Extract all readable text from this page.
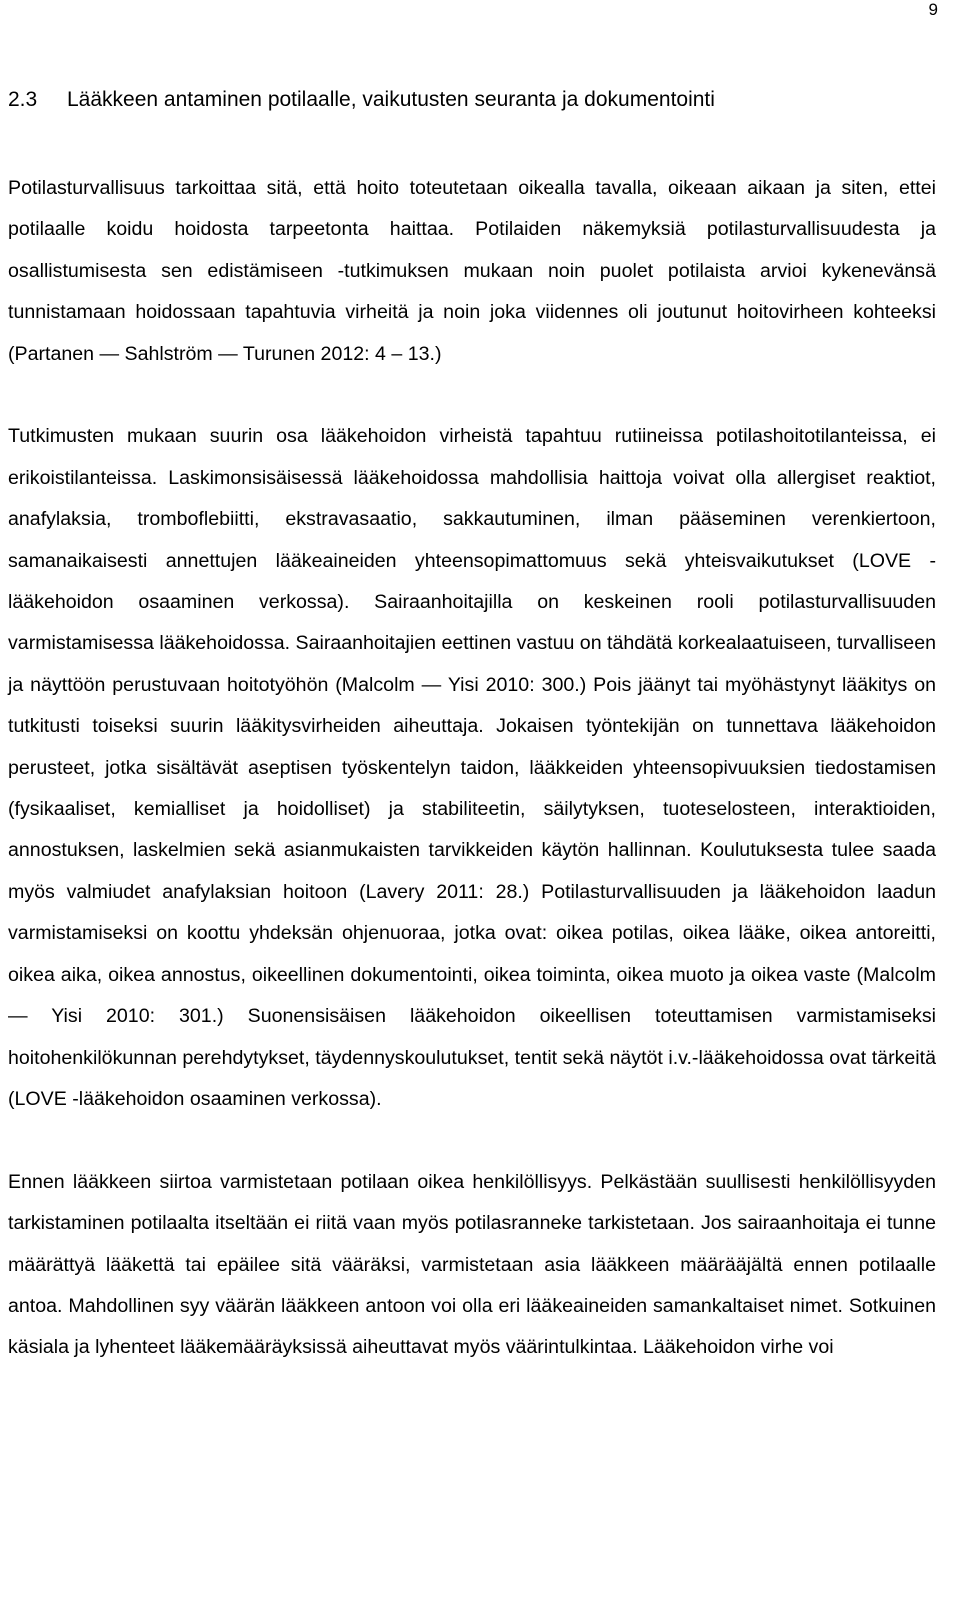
9
2.3 Lääkkeen antaminen potilaalle, vaikutusten seuranta ja dokumentointi

Potilasturvallisuus tarkoittaa sitä, että hoito toteutetaan oikealla tavalla, oikeaan aikaan ja siten, ettei potilaalle koidu hoidosta tarpeetonta haittaa. Potilaiden näkemyksiä potilasturvallisuudesta ja osallistumisesta sen edistämiseen -tutkimuksen mukaan noin puolet potilaista arvioi kykenevänsä tunnistamaan hoidossaan tapahtuvia virheitä ja noin joka viidennes oli joutunut hoitovirheen kohteeksi (Partanen — Sahlström — Turunen 2012: 4 – 13.)

Tutkimusten mukaan suurin osa lääkehoidon virheistä tapahtuu rutiineissa potilashoitotilanteissa, ei erikoistilanteissa. Laskimonsisäisessä lääkehoidossa mahdollisia haittoja voivat olla allergiset reaktiot, anafylaksia, tromboflebiitti, ekstravasaatio, sakkautuminen, ilman pääseminen verenkiertoon, samanaikaisesti annettujen lääkeaineiden yhteensopimattomuus sekä yhteisvaikutukset (LOVE -lääkehoidon osaaminen verkossa). Sairaanhoitajilla on keskeinen rooli potilasturvallisuuden varmistamisessa lääkehoidossa. Sairaanhoitajien eettinen vastuu on tähdätä korkealaatuiseen, turvalliseen ja näyttöön perustuvaan hoitotyöhön (Malcolm — Yisi 2010: 300.) Pois jäänyt tai myöhästynyt lääkitys on tutkitusti toiseksi suurin lääkitysvirheiden aiheuttaja. Jokaisen työntekijän on tunnettava lääkehoidon perusteet, jotka sisältävät aseptisen työskentelyn taidon, lääkkeiden yhteensopivuuksien tiedostamisen (fysikaaliset, kemialliset ja hoidolliset) ja stabiliteetin, säilytyksen, tuoteselosteen, interaktioiden, annostuksen, laskelmien sekä asianmukaisten tarvikkeiden käytön hallinnan. Koulutuksesta tulee saada myös valmiudet anafylaksian hoitoon (Lavery 2011: 28.) Potilasturvallisuuden ja lääkehoidon laadun varmistamiseksi on koottu yhdeksän ohjenuoraa, jotka ovat: oikea potilas, oikea lääke, oikea antoreitti, oikea aika, oikea annostus, oikeellinen dokumentointi, oikea toiminta, oikea muoto ja oikea vaste (Malcolm — Yisi 2010: 301.) Suonensisäisen lääkehoidon oikeellisen toteuttamisen varmistamiseksi hoitohenkilökunnan perehdytykset, täydennyskoulutukset, tentit sekä näytöt i.v.-lääkehoidossa ovat tärkeitä (LOVE -lääkehoidon osaaminen verkossa).

Ennen lääkkeen siirtoa varmistetaan potilaan oikea henkilöllisyys. Pelkästään suullisesti henkilöllisyyden tarkistaminen potilaalta itseltään ei riitä vaan myös potilasranneke tarkistetaan. Jos sairaanhoitaja ei tunne määrättyä lääkettä tai epäilee sitä vääräksi, varmistetaan asia lääkkeen määrääjältä ennen potilaalle antoa. Mahdollinen syy väärän lääkkeen antoon voi olla eri lääkeaineiden samankaltaiset nimet. Sotkuinen käsiala ja lyhenteet lääkemääräyksissä aiheuttavat myös väärintulkintaa. Lääkehoidon virhe voi
